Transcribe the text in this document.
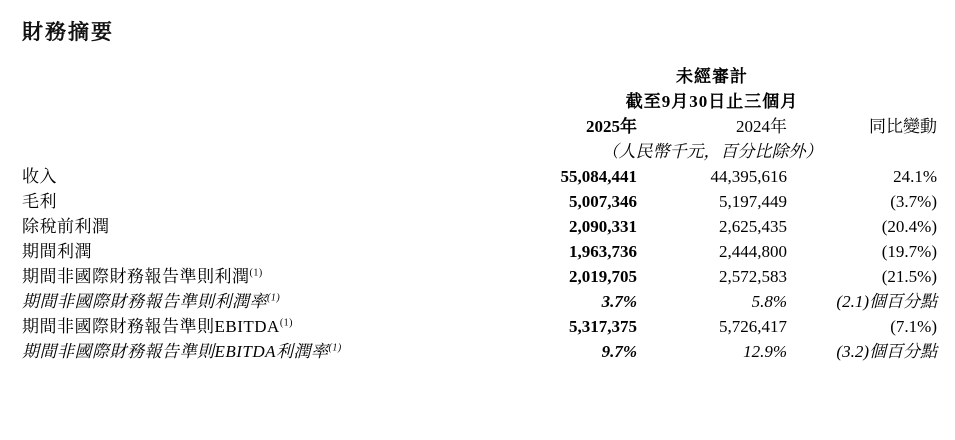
財務摘要
	未經審計		
	截至9月30日止三個月		
	2025年	2024年	同比變動
	（人民幣千元，百分比除外）		
收入	55,084,441	44,395,616	24.1%
毛利	5,007,346	5,197,449	(3.7%)
除稅前利潤	2,090,331	2,625,435	(20.4%)
期間利潤	1,963,736	2,444,800	(19.7%)
期間非國際財務報告準則利潤$^{(1)}$	2,019,705	2,572,583	(21.5%)
期間非國際財務報告準則利潤率$^{(1)}$	3.7%	5.8%	(2.1)個百分點
期間非國際財務報告準則EBITDA$^{(1)}$	5,317,375	5,726,417	(7.1%)
期間非國際財務報告準則EBITDA利潤率$^{(1)}$	9.7%	12.9%	(3.2)個百分點
